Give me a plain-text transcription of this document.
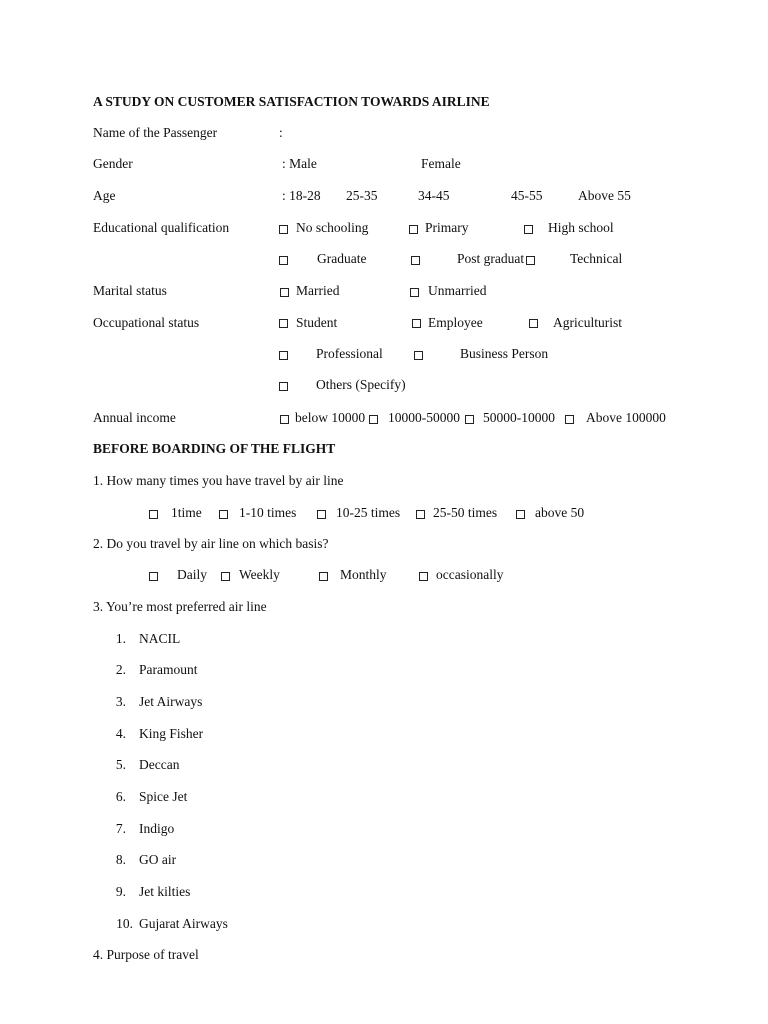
A STUDY ON CUSTOMER SATISFACTION TOWARDS AIRLINE
Name of the Passenger	:
Gender	: Male	Female
Age	: 18-28 25-35	34-45	45-55	Above 55
Educational qualification	No schooling	Primary	High school
Graduate	Post graduat	Technical
Marital status	Married	Unmarried
Occupational status	Student	Employee	Agriculturist
Professional	Business Person
Others (Specify)
Annual income	below 10000 10000-50000 50000-10000 Above 100000
BEFORE BOARDING OF THE FLIGHT
1. How many times you have travel by air line
1time	1-10 times	10-25 times 25-50 times	above 50
2. Do you travel by air line on which basis?
Daily Weekly	Monthly	occasionally
3. You’re most preferred air line
1. NACIL
2. Paramount
3. Jet Airways
4. King Fisher
5. Deccan
6. Spice Jet
7. Indigo
8. GO air
9. Jet kilties
10. Gujarat Airways
4. Purpose of travel
